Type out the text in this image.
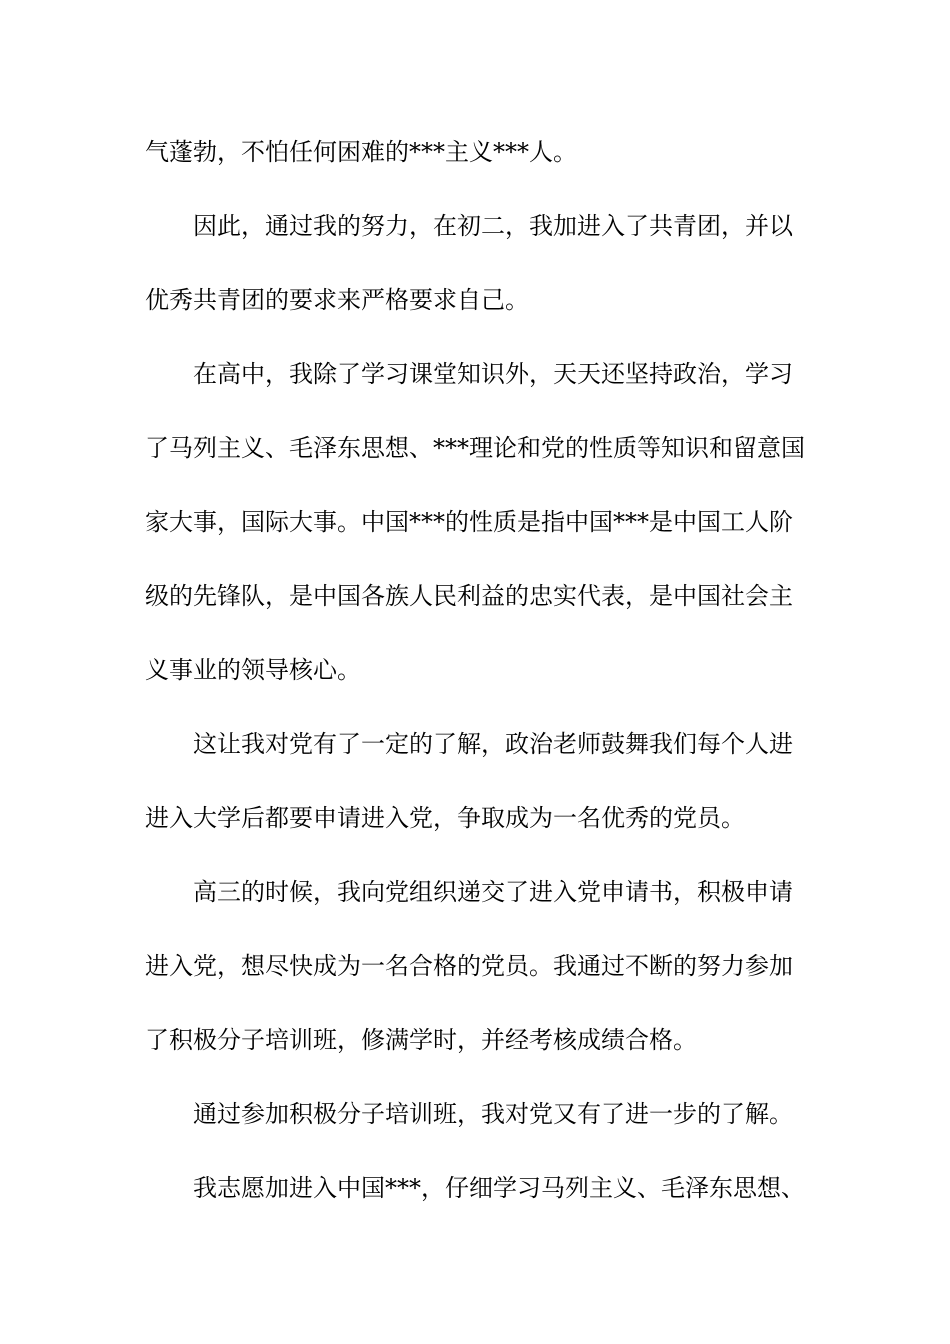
气蓬勃，不怕任何困难的***主义***人。
因此，通过我的努力，在初二，我加进入了共青团，并以
优秀共青团的要求来严格要求自己。
在高中，我除了学习课堂知识外，天天还坚持政治，学习
了马列主义、毛泽东思想、***理论和党的性质等知识和留意国
家大事，国际大事。中国***的性质是指中国***是中国工人阶
级的先锋队，是中国各族人民利益的忠实代表，是中国社会主
义事业的领导核心。
这让我对党有了一定的了解，政治老师鼓舞我们每个人进
进入大学后都要申请进入党，争取成为一名优秀的党员。
高三的时候，我向党组织递交了进入党申请书，积极申请
进入党，想尽快成为一名合格的党员。我通过不断的努力参加
了积极分子培训班，修满学时，并经考核成绩合格。
通过参加积极分子培训班，我对党又有了进一步的了解。
我志愿加进入中国***，仔细学习马列主义、毛泽东思想、
